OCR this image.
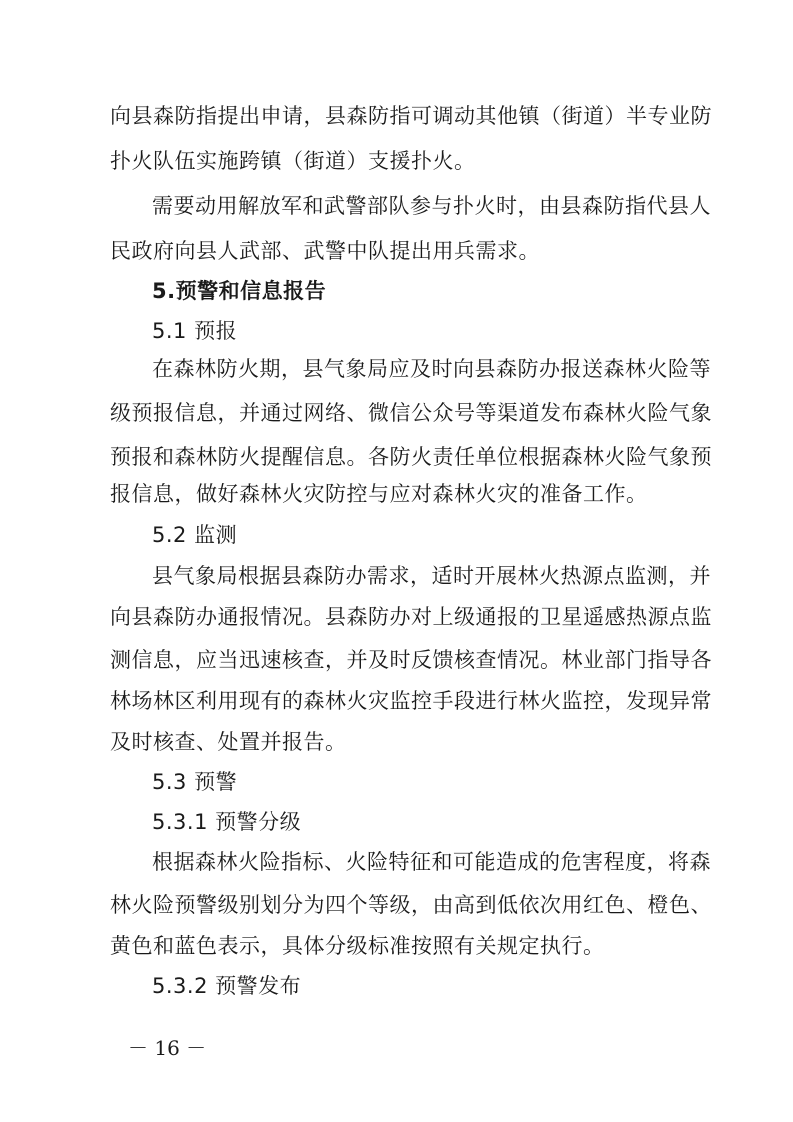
向县森防指提出申请，县森防指可调动其他镇（街道）半专业防
扑火队伍实施跨镇（街道）支援扑火。
需要动用解放军和武警部队参与扑火时，由县森防指代县人
民政府向县人武部、武警中队提出用兵需求。
5.预警和信息报告
5.1 预报
在森林防火期，县气象局应及时向县森防办报送森林火险等
级预报信息，并通过网络、微信公众号等渠道发布森林火险气象
预报和森林防火提醒信息。各防火责任单位根据森林火险气象预
报信息，做好森林火灾防控与应对森林火灾的准备工作。
5.2 监测
县气象局根据县森防办需求，适时开展林火热源点监测，并
向县森防办通报情况。县森防办对上级通报的卫星遥感热源点监
测信息，应当迅速核查，并及时反馈核查情况。林业部门指导各
林场林区利用现有的森林火灾监控手段进行林火监控，发现异常
及时核查、处置并报告。
5.3 预警
5.3.1 预警分级
根据森林火险指标、火险特征和可能造成的危害程度，将森
林火险预警级别划分为四个等级，由高到低依次用红色、橙色、
黄色和蓝色表示，具体分级标准按照有关规定执行。
5.3.2 预警发布
－ 16 －
